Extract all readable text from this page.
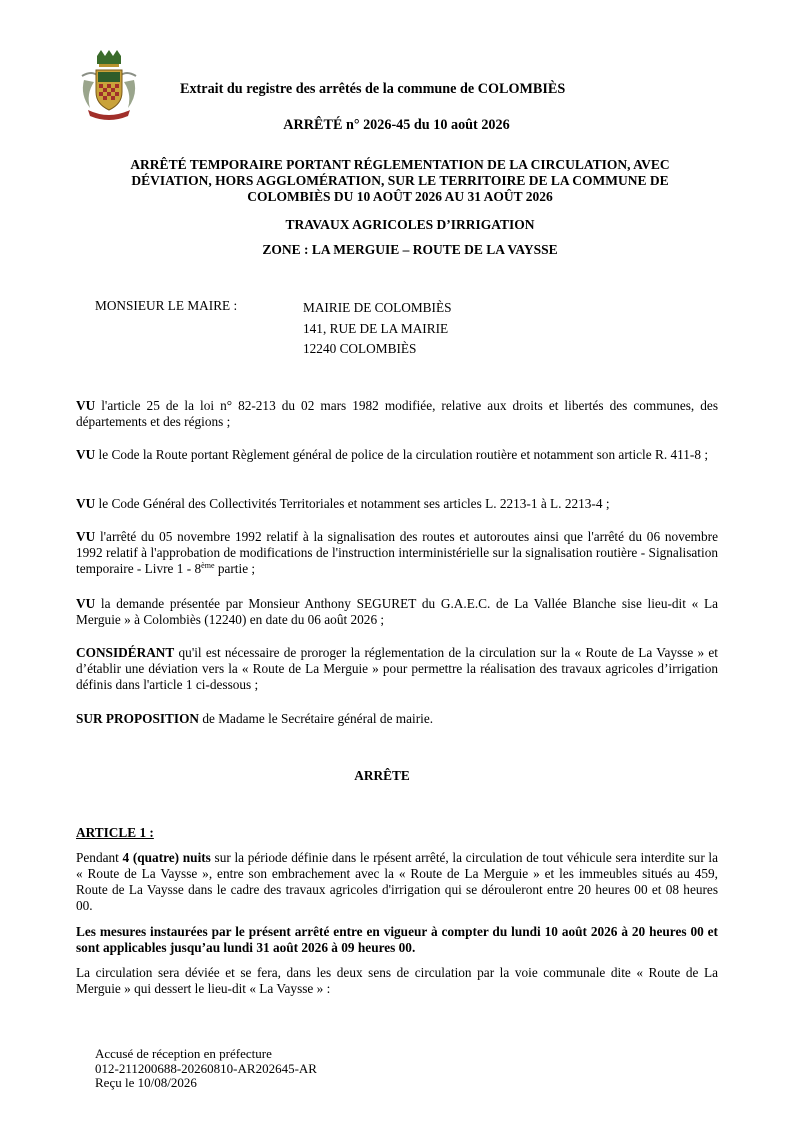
Extrait du registre des arrêtés de la commune de COLOMBIÈS
ARRÊTÉ n° 2026-45 du 10 août 2026
ARRÊTÉ TEMPORAIRE PORTANT RÉGLEMENTATION DE LA CIRCULATION, AVEC
DÉVIATION, HORS AGGLOMÉRATION, SUR LE TERRITOIRE DE LA COMMUNE DE
COLOMBIÈS DU 10 AOÛT 2026 AU 31 AOÛT 2026
TRAVAUX AGRICOLES D’IRRIGATION
ZONE : LA MERGUIE – ROUTE DE LA VAYSSE
MONSIEUR LE MAIRE :	MAIRIE DE COLOMBIÈS
141, RUE DE LA MAIRIE
12240 COLOMBIÈS
VU l'article 25 de la loi n° 82-213 du 02 mars 1982 modifiée, relative aux droits et libertés des communes, des départements et des régions ;
VU le Code la Route portant Règlement général de police de la circulation routière et notamment son article R. 411-8 ;
VU le Code Général des Collectivités Territoriales et notamment ses articles L. 2213-1 à L. 2213-4 ;
VU l'arrêté du 05 novembre 1992 relatif à la signalisation des routes et autoroutes ainsi que l'arrêté du 06 novembre 1992 relatif à l'approbation de modifications de l'instruction interministérielle sur la signalisation routière - Signalisation temporaire - Livre 1 - 8ème partie ;
VU la demande présentée par Monsieur Anthony SEGURET du G.A.E.C. de La Vallée Blanche sise lieu-dit « La Merguie » à Colombiès (12240) en date du 06 août 2026 ;
CONSIDÉRANT qu'il est nécessaire de proroger la réglementation de la circulation sur la « Route de La Vaysse » et d’établir une déviation vers la « Route de La Merguie » pour permettre la réalisation des travaux agricoles d’irrigation définis dans l'article 1 ci-dessous ;
SUR PROPOSITION de Madame le Secrétaire général de mairie.
ARRÊTE
ARTICLE 1 :
Pendant 4 (quatre) nuits sur la période définie dans le rpésent arrêté, la circulation de tout véhicule sera interdite sur la « Route de La Vaysse », entre son embrachement avec la « Route de La Merguie » et les immeubles situés au 459, Route de La Vaysse dans le cadre des travaux agricoles d'irrigation qui se dérouleront entre 20 heures 00 et 08 heures 00.
Les mesures instaurées par le présent arrêté entre en vigueur à compter du lundi 10 août 2026 à 20 heures 00 et sont applicables jusqu’au lundi 31 août 2026 à 09 heures 00.
La circulation sera déviée et se fera, dans les deux sens de circulation par la voie communale dite « Route de La Merguie » qui dessert le lieu-dit « La Vaysse » :
Accusé de réception en préfecture
012-211200688-20260810-AR202645-AR
Reçu le 10/08/2026
